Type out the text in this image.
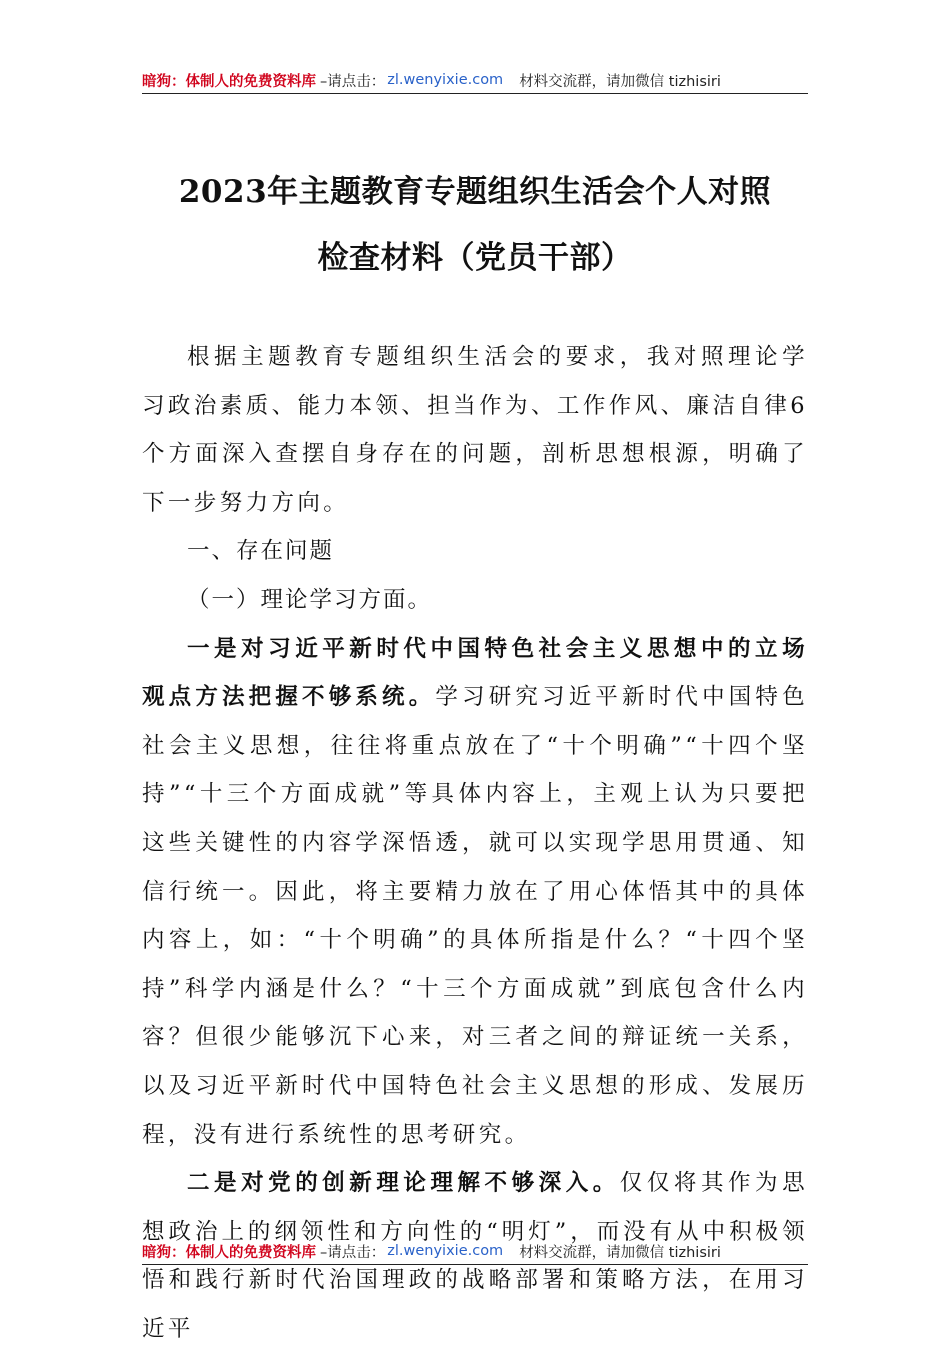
暗狗：体制人的免费资料库 –请点击： zl.wenyixie.com 材料交流群，请加微信 tizhisiri
2023年主题教育专题组织生活会个人对照
检查材料（党员干部）

根据主题教育专题组织生活会的要求，我对照理论学习政治素质、能力本领、担当作为、工作作风、廉洁自律6个方面深入查摆自身存在的问题，剖析思想根源，明确了下一步努力方向。

一、存在问题

（一）理论学习方面。

一是对习近平新时代中国特色社会主义思想中的立场观点方法把握不够系统。学习研究习近平新时代中国特色社会主义思想，往往将重点放在了“十个明确”“十四个坚持”“十三个方面成就”等具体内容上，主观上认为只要把这些关键性的内容学深悟透，就可以实现学思用贯通、知信行统一。因此，将主要精力放在了用心体悟其中的具体内容上，如：“十个明确”的具体所指是什么？“十四个坚持”科学内涵是什么？“十三个方面成就”到底包含什么内容？但很少能够沉下心来，对三者之间的辩证统一关系，以及习近平新时代中国特色社会主义思想的形成、发展历程，没有进行系统性的思考研究。

二是对党的创新理论理解不够深入。仅仅将其作为思想政治上的纲领性和方向性的“明灯”，而没有从中积极领悟和践行新时代治国理政的战略部署和策略方法，在用习近平

暗狗：体制人的免费资料库 –请点击： zl.wenyixie.com 材料交流群，请加微信 tizhisiri
